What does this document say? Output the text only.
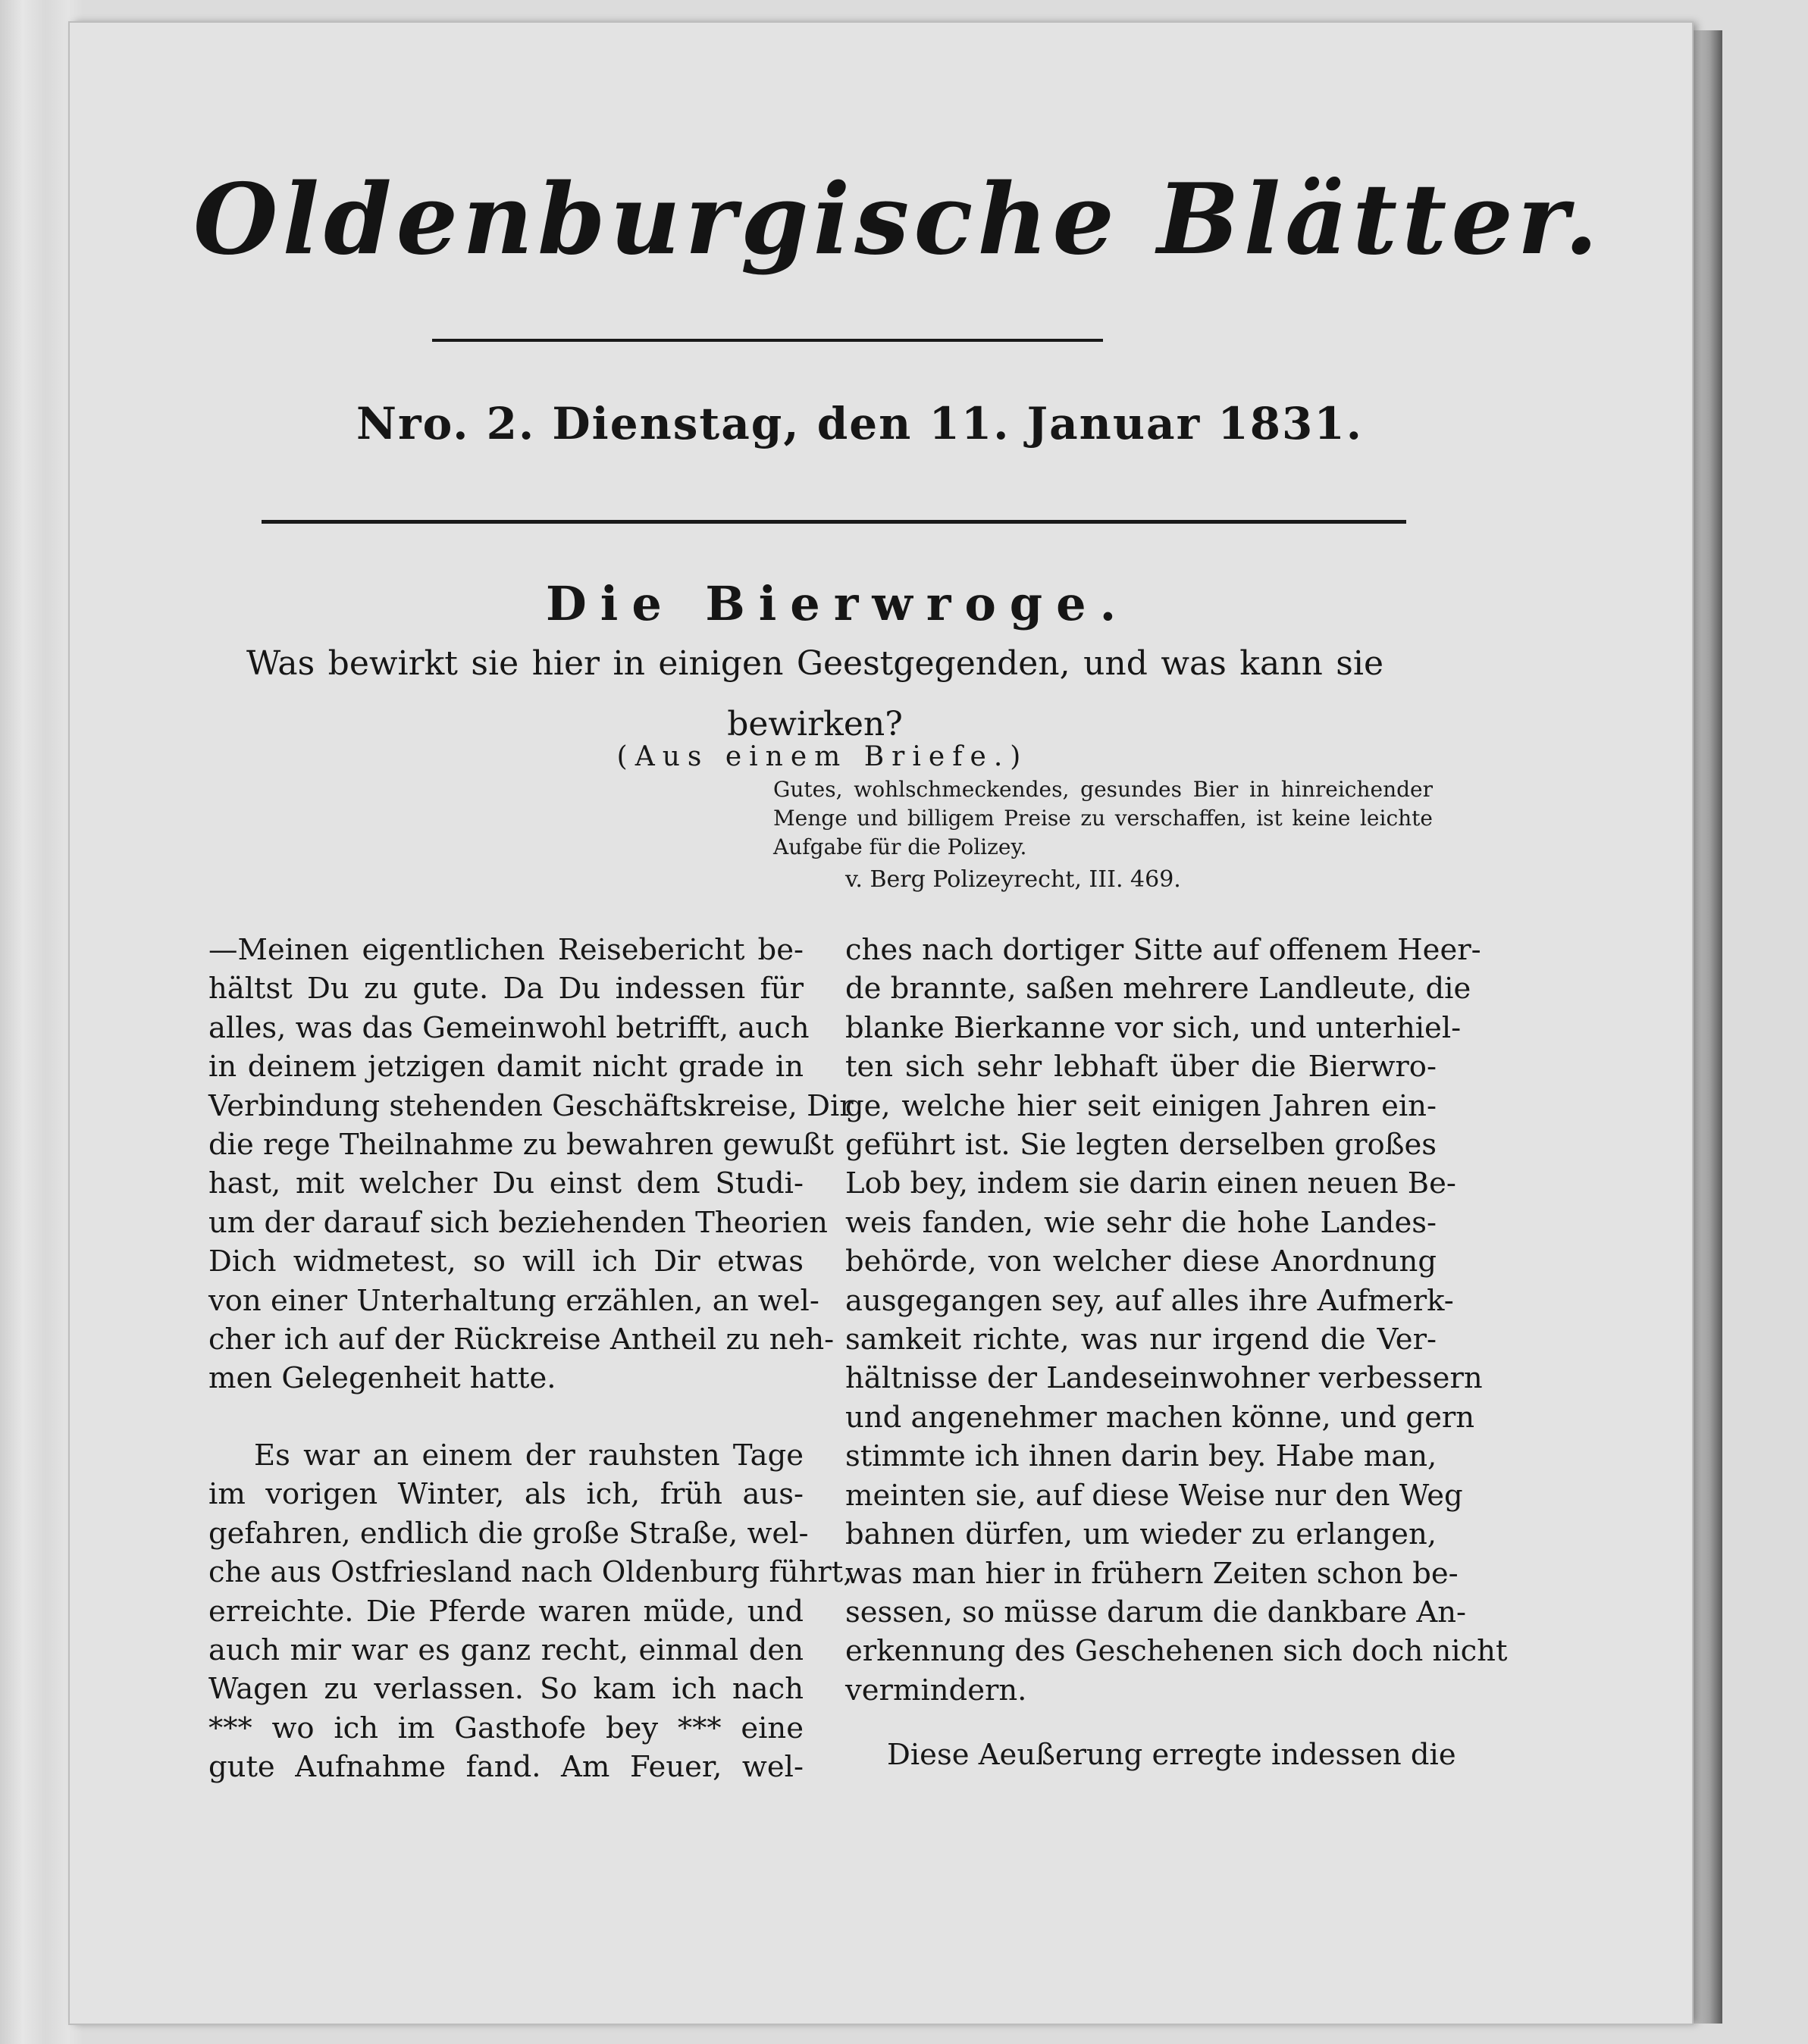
Oldenburgische Blätter.
Nro. 2. Dienstag, den 11. Januar 1831.
Die Bierwroge.
Was bewirkt sie hier in einigen Geestgegenden, und was kann sie bewirken?
(Aus einem Briefe.)
Gutes, wohlschmeckendes, gesundes Bier in hinreichender Menge und billigem Preise zu verschaffen, ist keine leichte Aufgabe für die Polizey.
v. Berg Polizeyrecht, III. 469.
—Meinen eigentlichen Reisebericht be-
hältst Du zu gute. Da Du indessen für
alles, was das Gemeinwohl betrifft, auch
in deinem jetzigen damit nicht grade in
Verbindung stehenden Geschäftskreise, Dir
die rege Theilnahme zu bewahren gewußt
hast, mit welcher Du einst dem Studi-
um der darauf sich beziehenden Theorien
Dich widmetest, so will ich Dir etwas
von einer Unterhaltung erzählen, an wel-
cher ich auf der Rückreise Antheil zu neh-
men Gelegenheit hatte.
Es war an einem der rauhsten Tage
im vorigen Winter, als ich, früh aus-
gefahren, endlich die große Straße, wel-
che aus Ostfriesland nach Oldenburg führt,
erreichte. Die Pferde waren müde, und
auch mir war es ganz recht, einmal den
Wagen zu verlassen. So kam ich nach
*** wo ich im Gasthofe bey *** eine
gute Aufnahme fand. Am Feuer, wel-
ches nach dortiger Sitte auf offenem Heer-
de brannte, saßen mehrere Landleute, die
blanke Bierkanne vor sich, und unterhiel-
ten sich sehr lebhaft über die Bierwro-
ge, welche hier seit einigen Jahren ein-
geführt ist. Sie legten derselben großes
Lob bey, indem sie darin einen neuen Be-
weis fanden, wie sehr die hohe Landes-
behörde, von welcher diese Anordnung
ausgegangen sey, auf alles ihre Aufmerk-
samkeit richte, was nur irgend die Ver-
hältnisse der Landeseinwohner verbessern
und angenehmer machen könne, und gern
stimmte ich ihnen darin bey. Habe man,
meinten sie, auf diese Weise nur den Weg
bahnen dürfen, um wieder zu erlangen,
was man hier in frühern Zeiten schon be-
sessen, so müsse darum die dankbare An-
erkennung des Geschehenen sich doch nicht
vermindern.
Diese Aeußerung erregte indessen die
